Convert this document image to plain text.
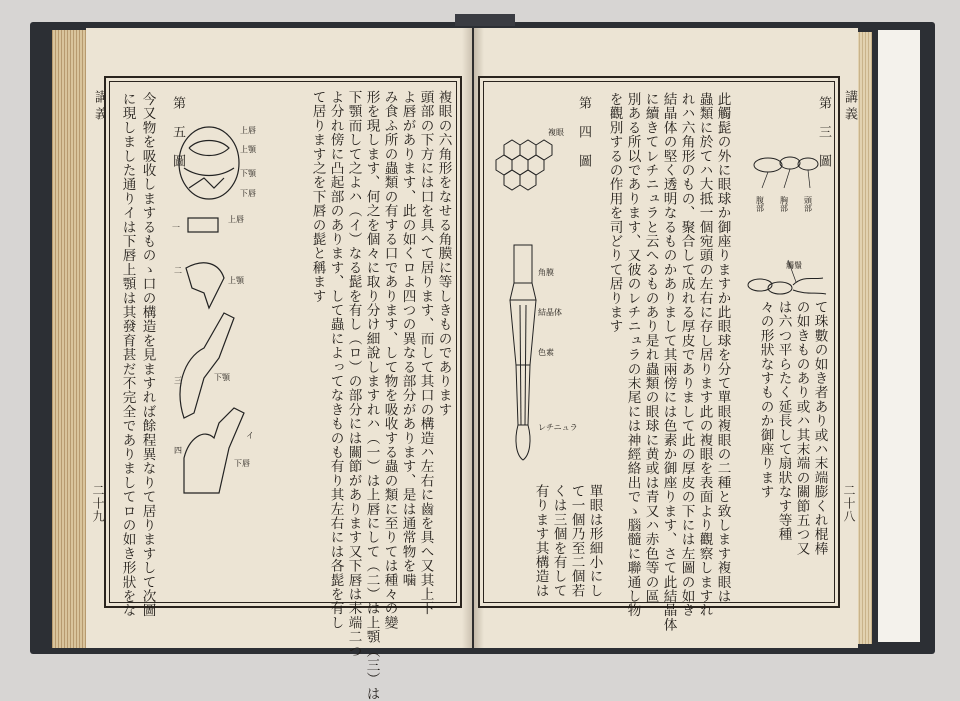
講義	講義
二十九	二十八
此觸髭の外に眼球か御座りますか此眼球を分て單眼複眼の二種と致します複眼は
蟲類に於てハ大抵一個宛頭の左右に存し居ります此の複眼を表面より觀察しますれ
れハ六角形のもの、聚合して成れる厚皮でありまして此の厚皮の下には左圖の如き
結晶体の堅く透明なるものかありまして其兩傍には色素か御座ります、さて此結晶体
に續きてレチニュラと云へるものあり是れ蟲類の眼球に黄或は青又ハ赤色等の區
別ある所以であります、又彼のレチニュラの末尾には神經絡出でゝ腦髓に聯通し物
を觀別するの作用を司どりて居ります
て珠數の如き者あり或ハ末端膨くれ棍棒
の如きものあり或ハ其末端の關節五つ又
は六つ平らたく延長して扇狀なす等種
々の形狀なすものか御座ります
單眼は形細小にし
て一個乃至二個若
くは三個を有して
有ります其構造は
第三圖
頭部
胸部
腹部
觸鬚
第四圖
複眼
角膜
結晶体
色素
レチニュラ
複眼の六角形をなせる角膜に等しきものであります
頭部の下方には口を具へて居ります、而して其口の構造ハ左右に齒を具へ又其上下
よ唇があります、此の如くロよ四つの異なる部分があります、是は通常物を噛
み食ふ所の蟲類の有する口であります、して物を吸收する蟲の類に至りては種々の變
形を現します、何之を個々に取り分け細說しますれハ（一）は上唇にして（二）は上顎（三）は
下顎而して之よハ（イ）なる髭を有し（ロ）の部分には關節があります又下唇は末端二つ
よ分れ傍に凸起部のあります、して蟲によってなきものも有り其左右には各髭を有し
て居ります之を下唇の髭と稱ます
今又物を吸收しまするものゝ口の構造を見ますれば餘程異なりて居りますして次圖
に現しました通りイは下唇上顎は其發育甚だ不完全でありましてロの如き形狀をな	第五圖	上唇
上顎
下顎
下唇
一
上唇
二
上顎
三	下顎
四
イ
下唇
